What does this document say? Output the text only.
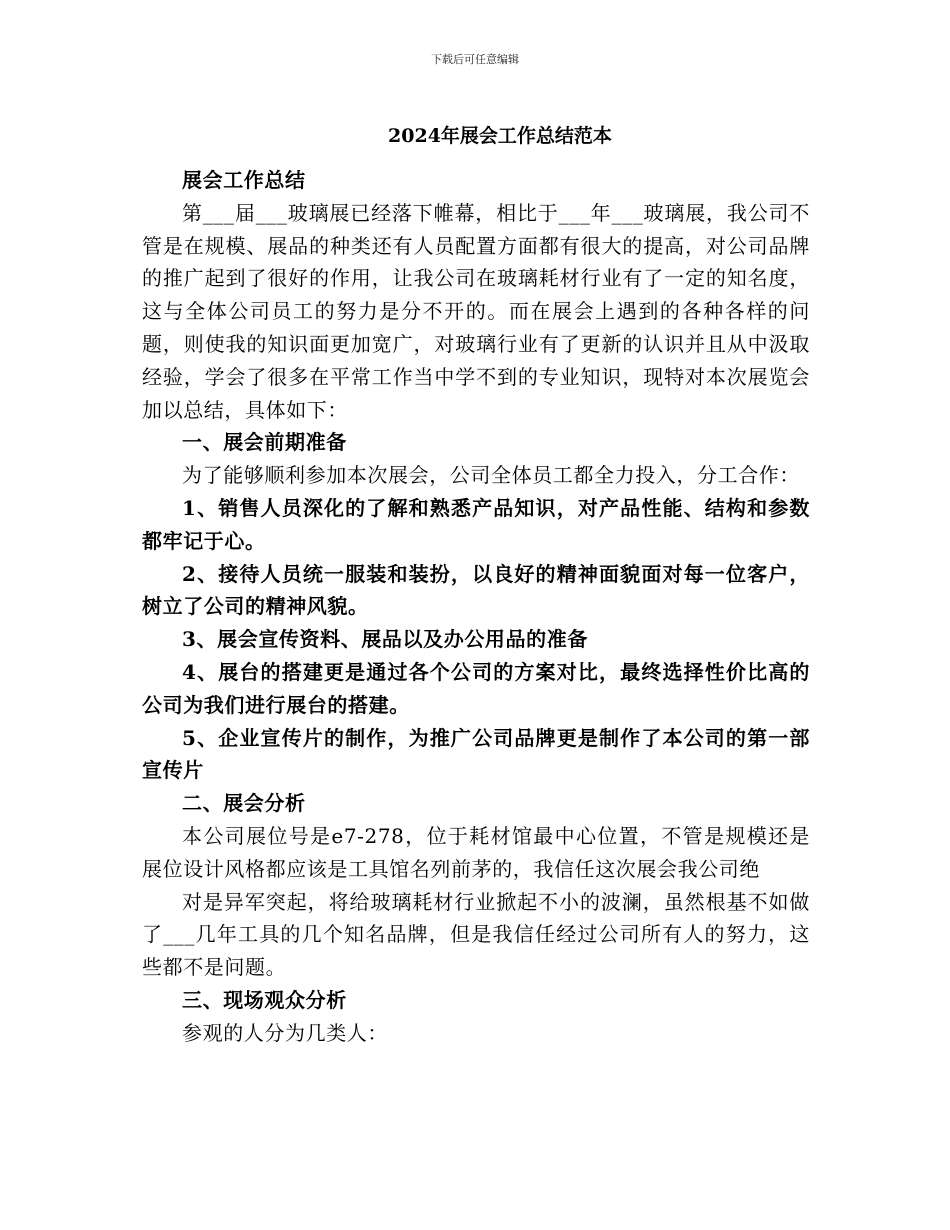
下载后可任意编辑
2024年展会工作总结范本

展会工作总结

第___届___玻璃展已经落下帷幕，相比于___年___玻璃展，我公司不管是在规模、展品的种类还有人员配置方面都有很大的提高，对公司品牌的推广起到了很好的作用，让我公司在玻璃耗材行业有了一定的知名度，这与全体公司员工的努力是分不开的。而在展会上遇到的各种各样的问题，则使我的知识面更加宽广，对玻璃行业有了更新的认识并且从中汲取经验，学会了很多在平常工作当中学不到的专业知识，现特对本次展览会加以总结，具体如下：

一、展会前期准备

为了能够顺利参加本次展会，公司全体员工都全力投入，分工合作：

1、销售人员深化的了解和熟悉产品知识，对产品性能、结构和参数都牢记于心。

2、接待人员统一服装和装扮，以良好的精神面貌面对每一位客户，树立了公司的精神风貌。

3、展会宣传资料、展品以及办公用品的准备

4、展台的搭建更是通过各个公司的方案对比，最终选择性价比高的公司为我们进行展台的搭建。

5、企业宣传片的制作，为推广公司品牌更是制作了本公司的第一部宣传片

二、展会分析

本公司展位号是e7-278，位于耗材馆最中心位置，不管是规模还是展位设计风格都应该是工具馆名列前茅的，我信任这次展会我公司绝

对是异军突起，将给玻璃耗材行业掀起不小的波澜，虽然根基不如做了___几年工具的几个知名品牌，但是我信任经过公司所有人的努力，这些都不是问题。

三、现场观众分析

参观的人分为几类人：
